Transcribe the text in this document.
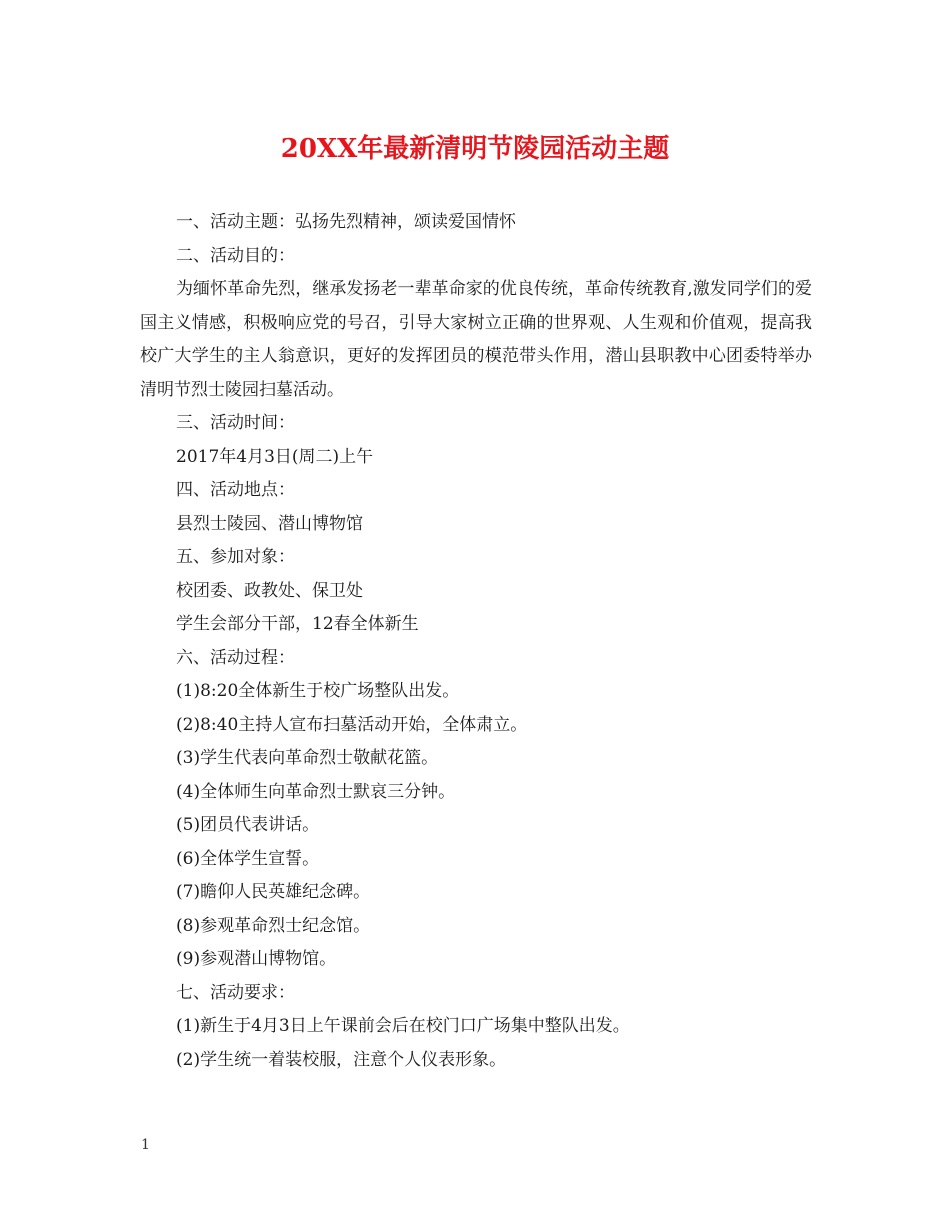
20XX年最新清明节陵园活动主题

一、活动主题：弘扬先烈精神，颂读爱国情怀

二、活动目的：

为缅怀革命先烈，继承发扬老一辈革命家的优良传统，革命传统教育,激发同学们的爱国主义情感，积极响应党的号召，引导大家树立正确的世界观、人生观和价值观，提高我校广大学生的主人翁意识，更好的发挥团员的模范带头作用，潜山县职教中心团委特举办清明节烈士陵园扫墓活动。

三、活动时间：

2017年4月3日(周二)上午

四、活动地点：

县烈士陵园、潜山博物馆

五、参加对象：

校团委、政教处、保卫处

学生会部分干部，12春全体新生

六、活动过程：

(1)8:20全体新生于校广场整队出发。

(2)8:40主持人宣布扫墓活动开始，全体肃立。

(3)学生代表向革命烈士敬献花篮。

(4)全体师生向革命烈士默哀三分钟。

(5)团员代表讲话。

(6)全体学生宣誓。

(7)瞻仰人民英雄纪念碑。

(8)参观革命烈士纪念馆。

(9)参观潜山博物馆。

七、活动要求：

(1)新生于4月3日上午课前会后在校门口广场集中整队出发。

(2)学生统一着装校服，注意个人仪表形象。

1
